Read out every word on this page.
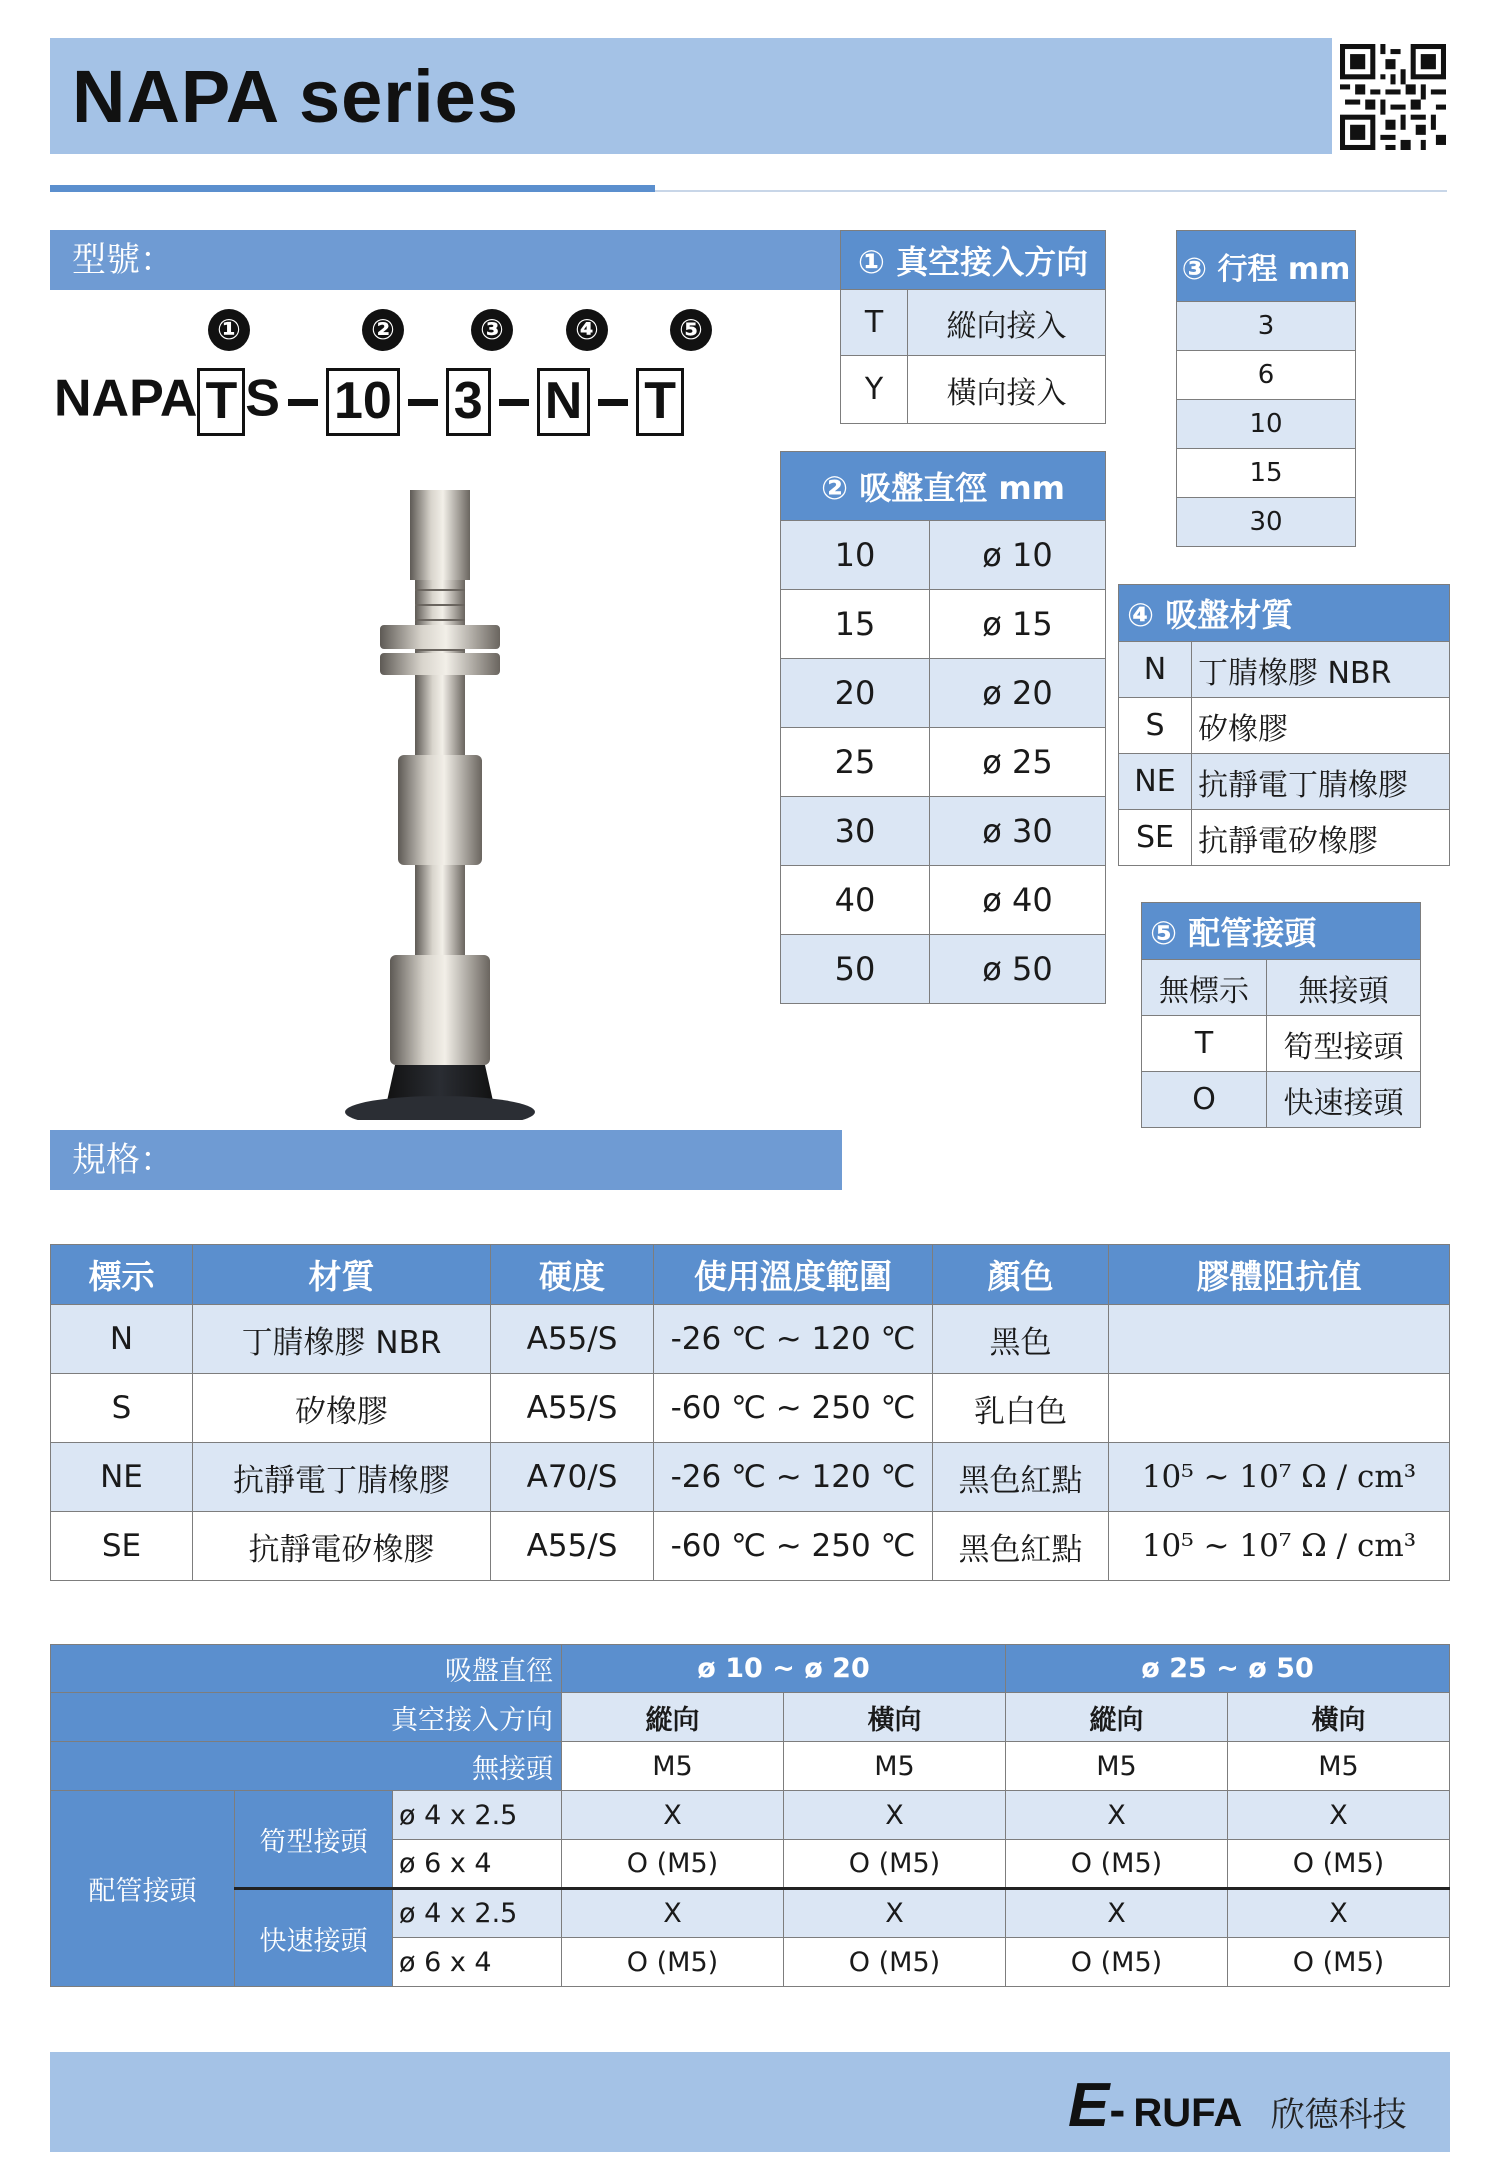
NAPA series
型號：
①	②	③	④	⑤
NAPA T S 10 3 N T
① 真空接入方向	
T	縱向接入
Y	橫向接入
③ 行程 mm
3
6
10
15
30
② 吸盤直徑 mm	
10	ø 10
15	ø 15
20	ø 20
25	ø 25
30	ø 30
40	ø 40
50	ø 50
④ 吸盤材質	
N	丁腈橡膠 NBR
S	矽橡膠
NE	抗靜電丁腈橡膠
SE	抗靜電矽橡膠
⑤ 配管接頭	
無標示	無接頭
T	筍型接頭
O	快速接頭
規格：
標示	材質	硬度	使用溫度範圍	顏色	膠體阻抗值
N	丁腈橡膠 NBR	A55/S	-26 ℃ ~ 120 ℃	黑色	
S	矽橡膠	A55/S	-60 ℃ ~ 250 ℃	乳白色	
NE	抗靜電丁腈橡膠	A70/S	-26 ℃ ~ 120 ℃	黑色紅點	10⁵ ~ 10⁷ Ω / cm³
SE	抗靜電矽橡膠	A55/S	-60 ℃ ~ 250 ℃	黑色紅點	10⁵ ~ 10⁷ Ω / cm³
吸盤直徑			ø 10 ~ ø 20		ø 25 ~ ø 50	
真空接入方向			縱向	橫向	縱向	橫向
無接頭			M5	M5	M5	M5
配管接頭	筍型接頭	ø 4 x 2.5	X	X	X	X
		ø 6 x 4	O (M5)	O (M5)	O (M5)	O (M5)
	快速接頭	ø 4 x 2.5	X	X	X	X
		ø 6 x 4	O (M5)	O (M5)	O (M5)	O (M5)
E- RUFA 欣德科技
